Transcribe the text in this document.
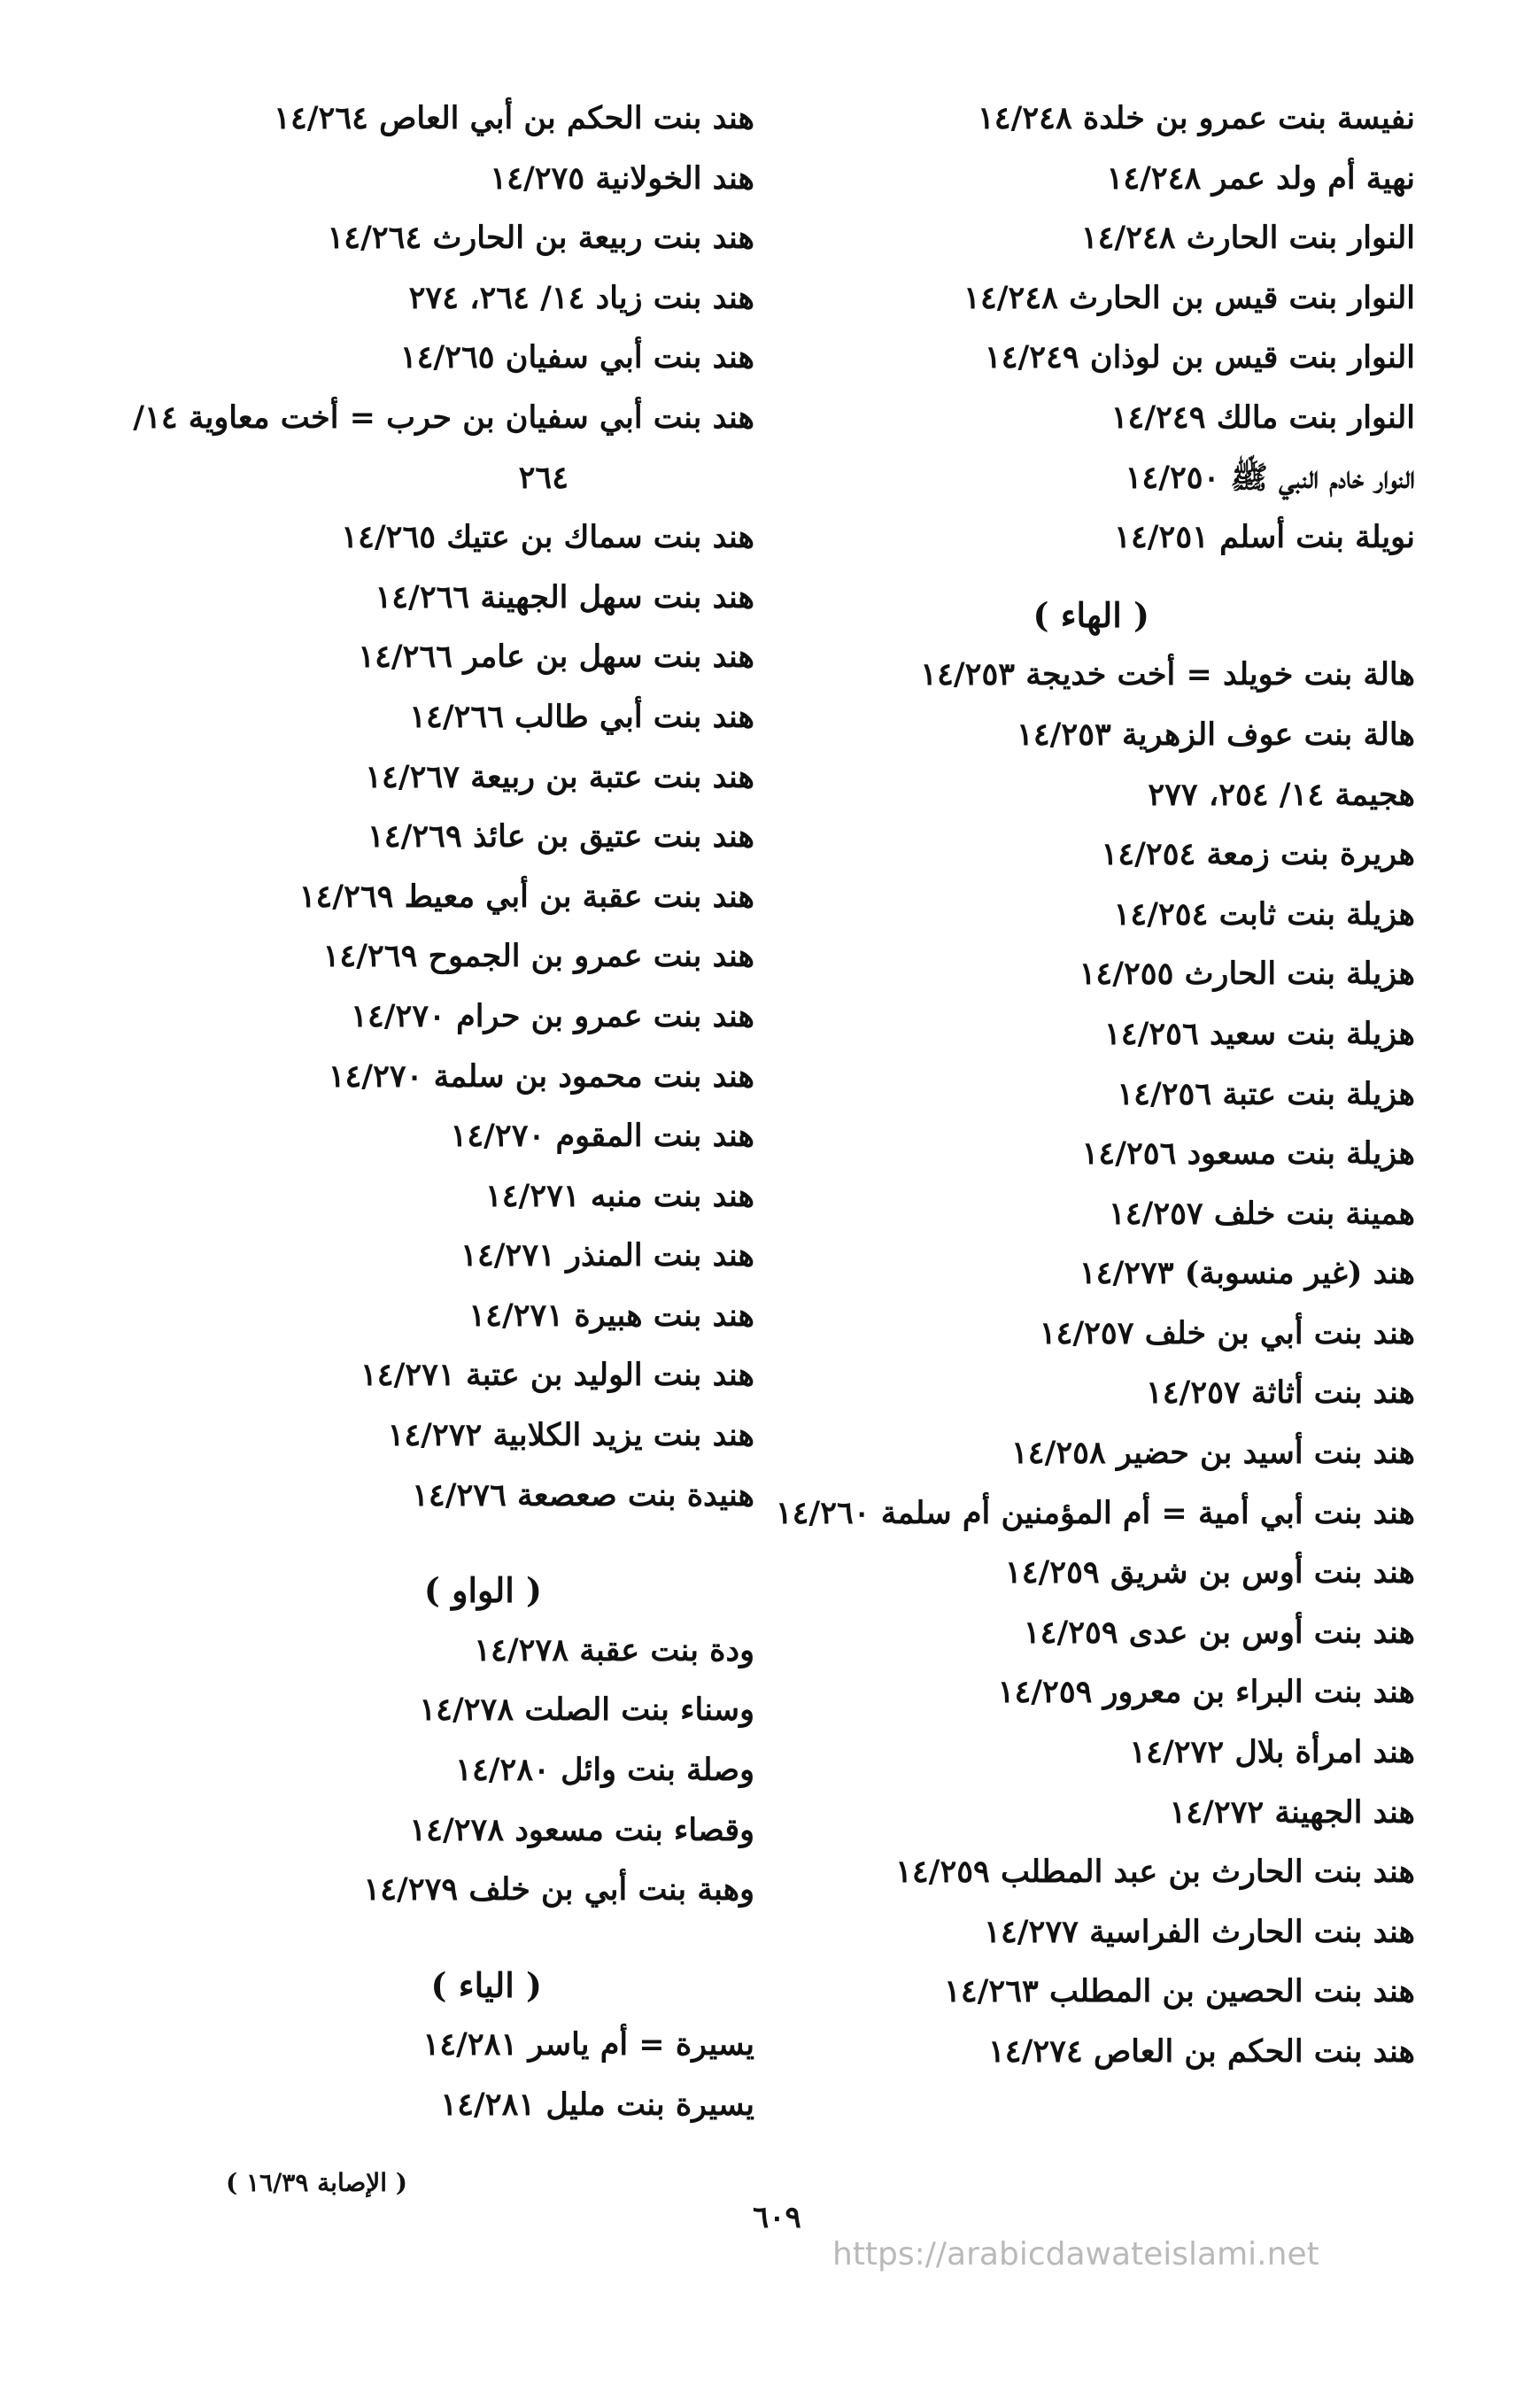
نفيسة بنت عمرو بن خلدة ١٤/٢٤٨
نهية أم ولد عمر ١٤/٢٤٨
النوار بنت الحارث ١٤/٢٤٨
النوار بنت قيس بن الحارث ١٤/٢٤٨
النوار بنت قيس بن لوذان ١٤/٢٤٩
النوار بنت مالك ١٤/٢٤٩
النوار خادم النبي ﷺ ١٤/٢٥٠
نويلة بنت أسلم ١٤/٢٥١
( الهاء )
هالة بنت خويلد = أخت خديجة ١٤/٢٥٣
هالة بنت عوف الزهرية ١٤/٢٥٣
هجيمة ١٤/ ٢٥٤، ٢٧٧
هريرة بنت زمعة ١٤/٢٥٤
هزيلة بنت ثابت ١٤/٢٥٤
هزيلة بنت الحارث ١٤/٢٥٥
هزيلة بنت سعيد ١٤/٢٥٦
هزيلة بنت عتبة ١٤/٢٥٦
هزيلة بنت مسعود ١٤/٢٥٦
همينة بنت خلف ١٤/٢٥٧
هند (غير منسوبة) ١٤/٢٧٣
هند بنت أبي بن خلف ١٤/٢٥٧
هند بنت أثاثة ١٤/٢٥٧
هند بنت أسيد بن حضير ١٤/٢٥٨
هند بنت أبي أمية = أم المؤمنين أم سلمة ١٤/٢٦٠
هند بنت أوس بن شريق ١٤/٢٥٩
هند بنت أوس بن عدى ١٤/٢٥٩
هند بنت البراء بن معرور ١٤/٢٥٩
هند امرأة بلال ١٤/٢٧٢
هند الجهينة ١٤/٢٧٢
هند بنت الحارث بن عبد المطلب ١٤/٢٥٩
هند بنت الحارث الفراسية ١٤/٢٧٧
هند بنت الحصين بن المطلب ١٤/٢٦٣
هند بنت الحكم بن العاص ١٤/٢٧٤
هند بنت الحكم بن أبي العاص ١٤/٢٦٤
هند الخولانية ١٤/٢٧٥
هند بنت ربيعة بن الحارث ١٤/٢٦٤
هند بنت زياد ١٤/ ٢٦٤، ٢٧٤
هند بنت أبي سفيان ١٤/٢٦٥
هند بنت أبي سفيان بن حرب = أخت معاوية ١٤/
٢٦٤
هند بنت سماك بن عتيك ١٤/٢٦٥
هند بنت سهل الجهينة ١٤/٢٦٦
هند بنت سهل بن عامر ١٤/٢٦٦
هند بنت أبي طالب ١٤/٢٦٦
هند بنت عتبة بن ربيعة ١٤/٢٦٧
هند بنت عتيق بن عائذ ١٤/٢٦٩
هند بنت عقبة بن أبي معيط ١٤/٢٦٩
هند بنت عمرو بن الجموح ١٤/٢٦٩
هند بنت عمرو بن حرام ١٤/٢٧٠
هند بنت محمود بن سلمة ١٤/٢٧٠
هند بنت المقوم ١٤/٢٧٠
هند بنت منبه ١٤/٢٧١
هند بنت المنذر ١٤/٢٧١
هند بنت هبيرة ١٤/٢٧١
هند بنت الوليد بن عتبة ١٤/٢٧١
هند بنت يزيد الكلابية ١٤/٢٧٢
هنيدة بنت صعصعة ١٤/٢٧٦
( الواو )
ودة بنت عقبة ١٤/٢٧٨
وسناء بنت الصلت ١٤/٢٧٨
وصلة بنت وائل ١٤/٢٨٠
وقصاء بنت مسعود ١٤/٢٧٨
وهبة بنت أبي بن خلف ١٤/٢٧٩
( الياء )
يسيرة = أم ياسر ١٤/٢٨١
يسيرة بنت مليل ١٤/٢٨١
( الإصابة ١٦/٣٩ )
٦٠٩
https://arabicdawateislami.net
